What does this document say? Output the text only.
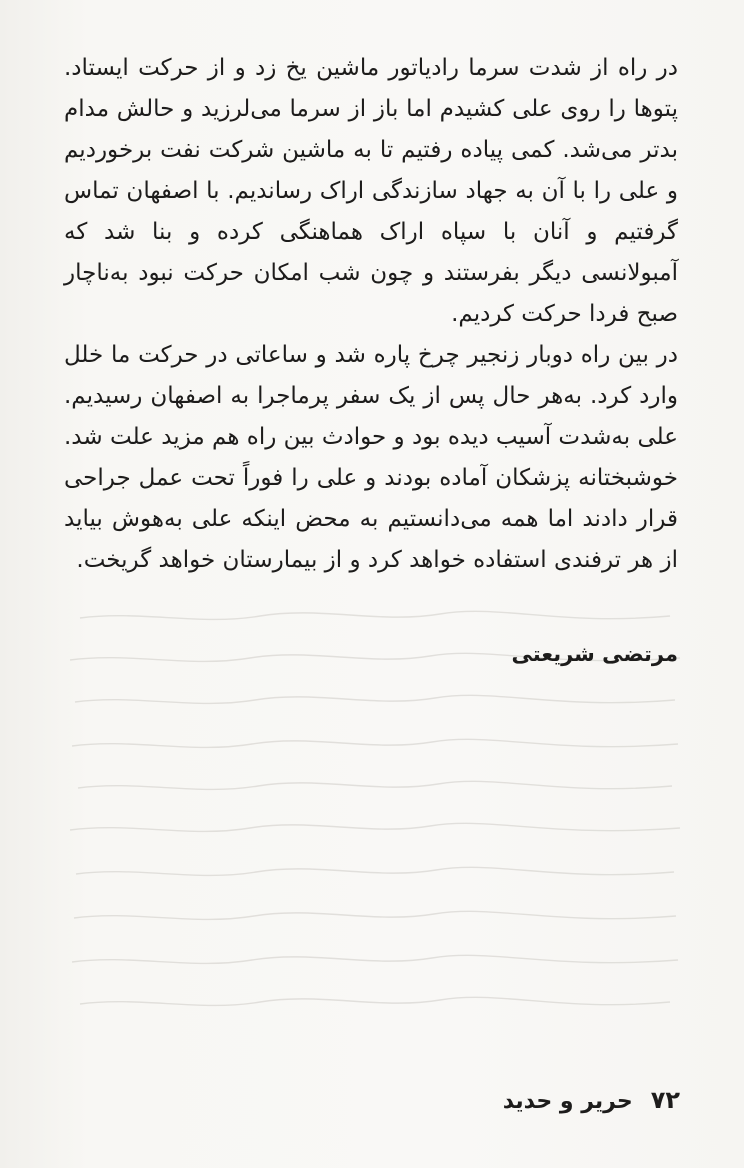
در راه از شدت سرما رادیاتور ماشین یخ زد و از حرکت ایستاد. پتوها را روی علی کشیدم اما باز از سرما می‌لرزید و حالش مدام بدتر می‌شد. کمی پیاده رفتیم تا به ماشین شرکت نفت برخوردیم و علی را با آن به جهاد سازندگی اراک رساندیم. با اصفهان تماس گرفتیم و آنان با سپاه اراک هماهنگی کرده و بنا شد که آمبولانسی دیگر بفرستند و چون شب امکان حرکت نبود به‌ناچار صبح فردا حرکت کردیم.

در بین راه دوبار زنجیر چرخ پاره شد و ساعاتی در حرکت ما خلل وارد کرد. به‌هر حال پس از یک سفر پرماجرا به اصفهان رسیدیم. علی به‌شدت آسیب دیده بود و حوادث بین راه هم مزید علت شد. خوشبختانه پزشکان آماده بودند و علی را فوراً تحت عمل جراحی قرار دادند اما همه می‌دانستیم به محض اینکه علی به‌هوش بیاید از هر ترفندی استفاده خواهد کرد و از بیمارستان خواهد گریخت.

مرتضی شریعتی
۷۲
حریر و حدید
